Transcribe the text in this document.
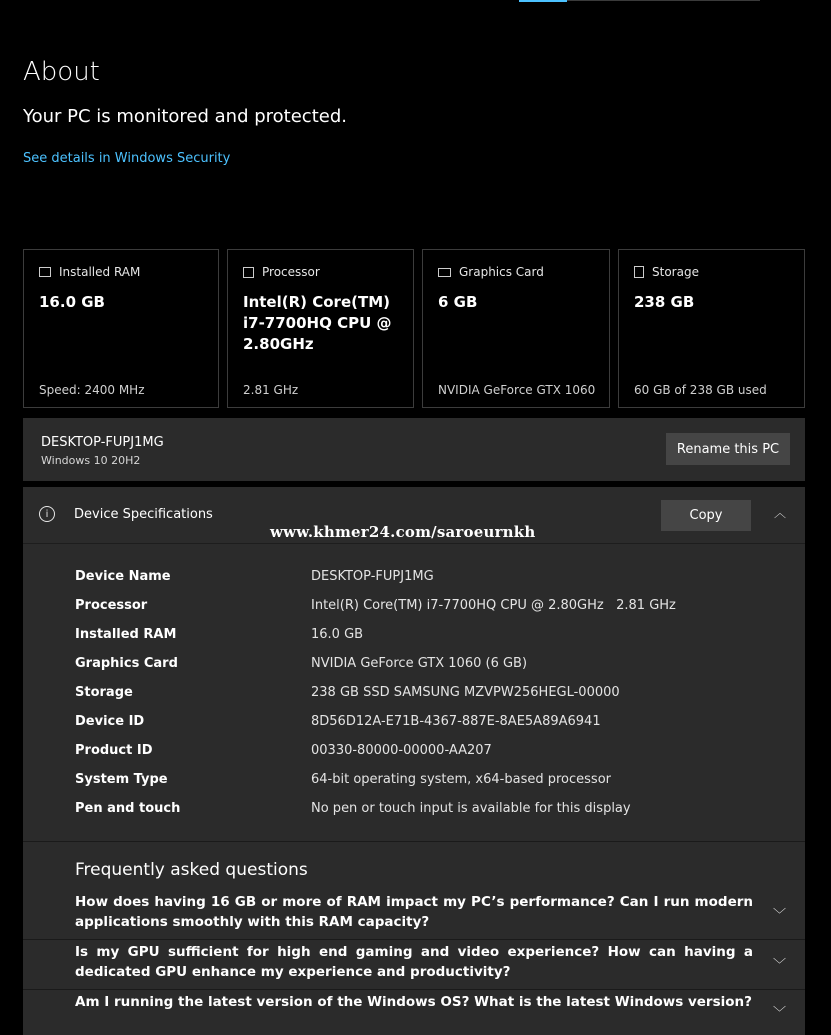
About
Your PC is monitored and protected.
See details in Windows Security
Installed RAM
16.0 GB
Speed: 2400 MHz
Processor
Intel(R) Core(TM) i7-7700HQ CPU @ 2.80GHz
2.81 GHz
Graphics Card
6 GB
NVIDIA GeForce GTX 1060
Storage
238 GB
60 GB of 238 GB used
DESKTOP-FUPJ1MG
Windows 10 20H2
Rename this PC
i	Device Specifications	Copy	︿
www.khmer24.com/saroeurnkh
Device Name	DESKTOP-FUPJ1MG
Processor	Intel(R) Core(TM) i7-7700HQ CPU @ 2.80GHz   2.81 GHz
Installed RAM	16.0 GB
Graphics Card	NVIDIA GeForce GTX 1060 (6 GB)
Storage	238 GB SSD SAMSUNG MZVPW256HEGL-00000
Device ID	8D56D12A-E71B-4367-887E-8AE5A89A6941
Product ID	00330-80000-00000-AA207
System Type	64-bit operating system, x64-based processor
Pen and touch	No pen or touch input is available for this display
Frequently asked questions
How does having 16 GB or more of RAM impact my PC’s performance? Can I run modern applications smoothly with this RAM capacity?	﹀
Is my GPU sufficient for high end gaming and video experience? How can having a dedicated GPU enhance my experience and productivity?	﹀
Am I running the latest version of the Windows OS? What is the latest Windows version?
﹀
